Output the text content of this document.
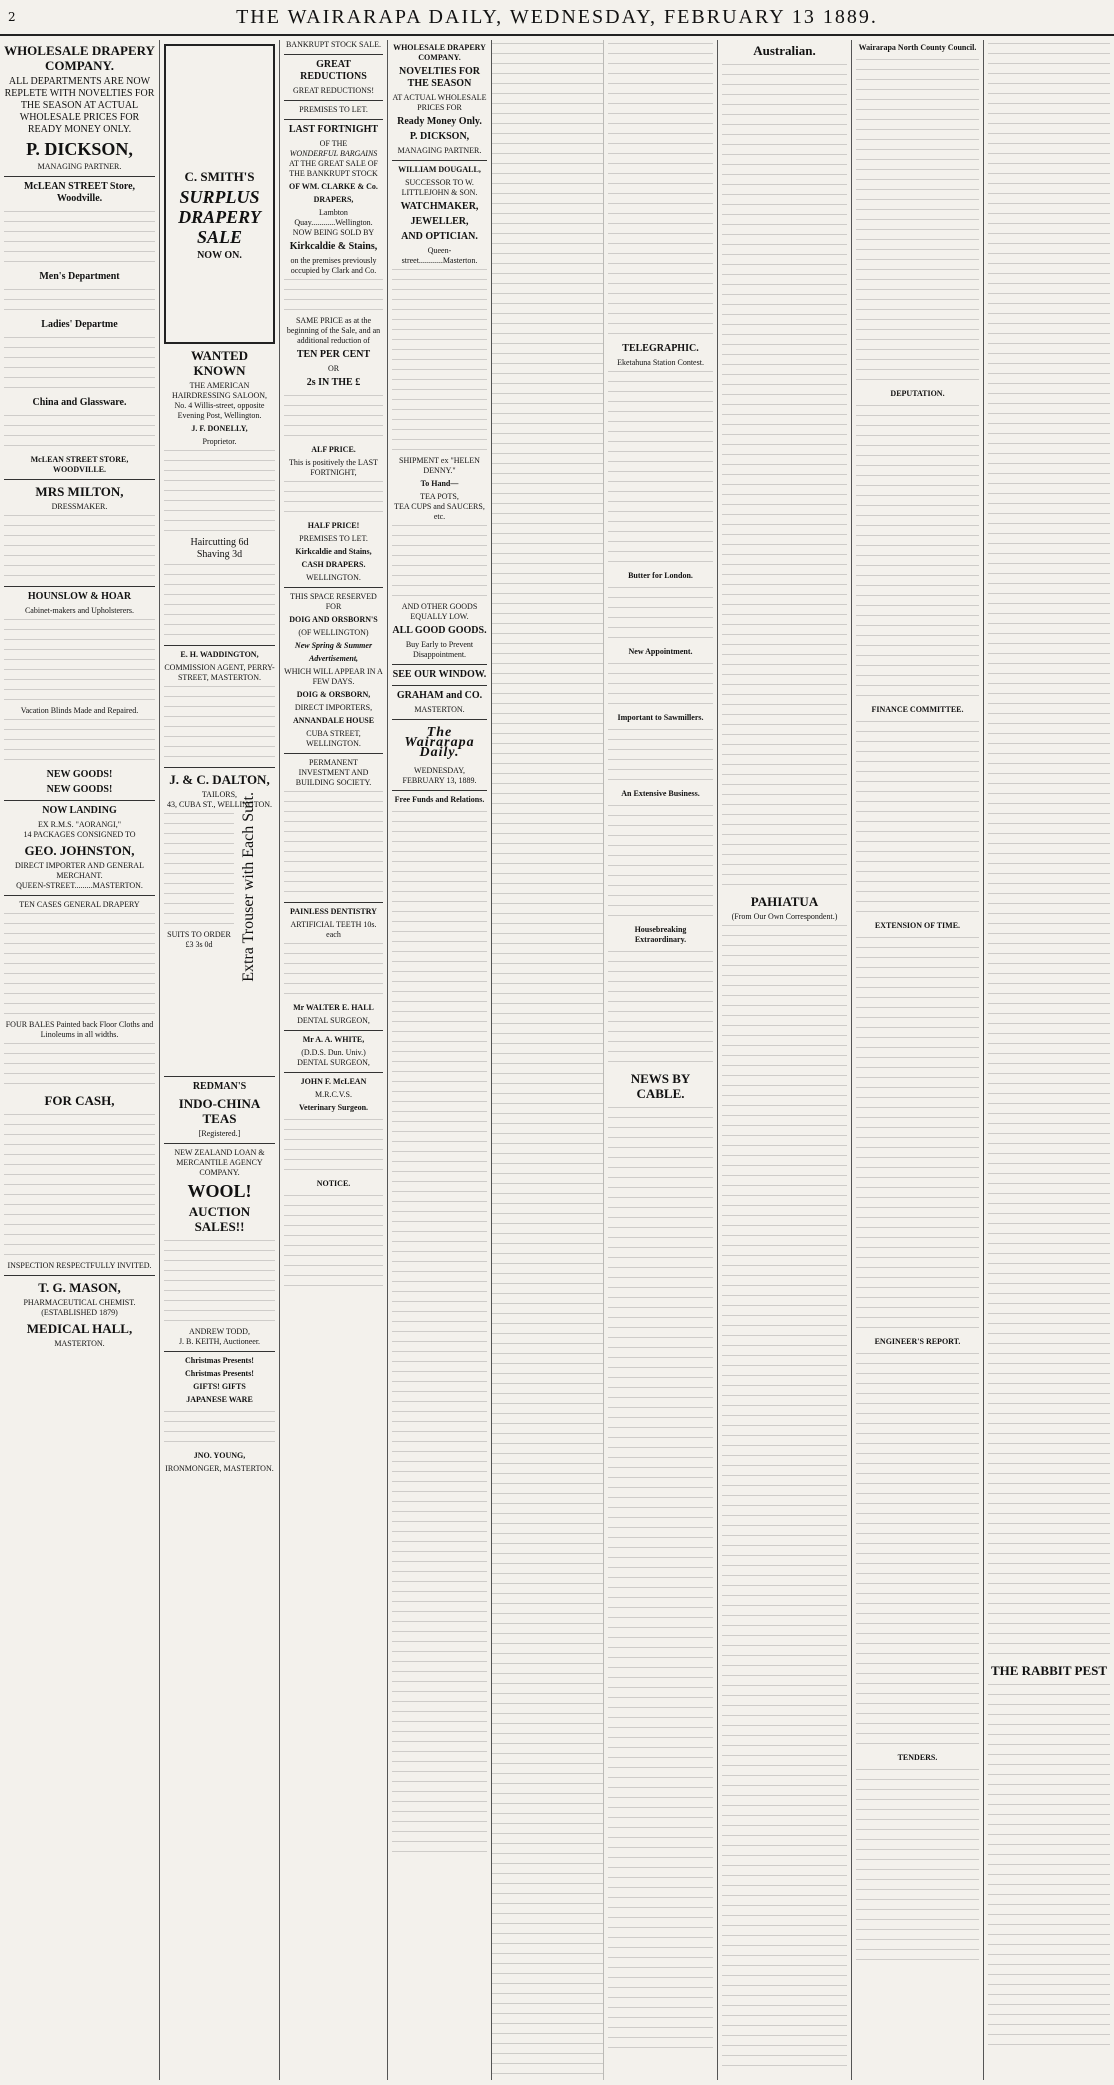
2	THE WAIRARAPA DAILY, WEDNESDAY, FEBRUARY 13 1889.
WHOLESALE DRAPERY COMPANY.
ALL DEPARTMENTS ARE NOW REPLETE WITH NOVELTIES FOR THE SEASON AT ACTUAL WHOLESALE PRICES FOR READY MONEY ONLY.
P. DICKSON,
MANAGING PARTNER.
McLEAN STREET Store, Woodville.
Men's Department
Ladies' Departme
China and Glassware.
McLEAN STREET STORE, WOODVILLE.
MRS MILTON,
DRESSMAKER.
HOUNSLOW & HOAR
Cabinet-makers and Upholsterers.
Vacation Blinds Made and Repaired.
NEW GOODS!
NEW GOODS!
NOW LANDING
EX R.M.S. "AORANGI,"
14 PACKAGES CONSIGNED TO
GEO. JOHNSTON,
DIRECT IMPORTER AND GENERAL MERCHANT.
QUEEN-STREET.........MASTERTON.
TEN CASES GENERAL DRAPERY
FOUR BALES Painted back Floor Cloths and Linoleums in all widths.
FOR CASH,
INSPECTION RESPECTFULLY INVITED.
T. G. MASON,
PHARMACEUTICAL CHEMIST.
(ESTABLISHED 1879)
MEDICAL HALL,
MASTERTON.
C. SMITH'S
SURPLUS DRAPERY SALE
NOW ON.
WANTED KNOWN
THE AMERICAN HAIRDRESSING SALOON,
No. 4 Willis-street, opposite Evening Post, Wellington.
J. F. DONELLY,
Proprietor.
Haircutting 6d
Shaving 3d
E. H. WADDINGTON,
COMMISSION AGENT, PERRY-STREET, MASTERTON.
Extra Trouser with Each Suit.
J. & C. DALTON,
TAILORS,
43, CUBA ST., WELLINGTON.
SUITS TO ORDER £3 3s 0d
REDMAN'S
INDO-CHINA TEAS
[Registered.]
NEW ZEALAND LOAN & MERCANTILE AGENCY COMPANY.
WOOL!
AUCTION SALES!!
ANDREW TODD,
J. B. KEITH, Auctioneer.
Christmas Presents!
Christmas Presents!
GIFTS! GIFTS
JAPANESE WARE
JNO. YOUNG,
IRONMONGER, MASTERTON.
BANKRUPT STOCK SALE.
GREAT REDUCTIONS
GREAT REDUCTIONS!
PREMISES TO LET.
LAST FORTNIGHT
OF THE
WONDERFUL BARGAINS
AT THE GREAT SALE OF THE BANKRUPT STOCK
OF WM. CLARKE & Co.
DRAPERS,
Lambton Quay............Wellington.
NOW BEING SOLD BY
Kirkcaldie & Stains,
on the premises previously occupied by Clark and Co.
SAME PRICE as at the beginning of the Sale, and an additional reduction of
TEN PER CENT
OR
2s IN THE £
ALF PRICE.
This is positively the LAST FORTNIGHT,
HALF PRICE!
PREMISES TO LET.
Kirkcaldie and Stains,
CASH DRAPERS.
WELLINGTON.
THIS SPACE RESERVED FOR
DOIG AND ORSBORN'S
(OF WELLINGTON)
New Spring & Summer
Advertisement,
WHICH WILL APPEAR IN A FEW DAYS.
DOIG & ORSBORN,
DIRECT IMPORTERS,
ANNANDALE HOUSE
CUBA STREET,
WELLINGTON.
PERMANENT INVESTMENT AND BUILDING SOCIETY.
PAINLESS DENTISTRY
ARTIFICIAL TEETH 10s. each
Mr WALTER E. HALL
DENTAL SURGEON,
Mr A. A. WHITE,
(D.D.S. Dun. Univ.)
DENTAL SURGEON,
JOHN F. McLEAN
M.R.C.V.S.
Veterinary Surgeon.
NOTICE.
WHOLESALE DRAPERY COMPANY.
NOVELTIES FOR THE SEASON
AT ACTUAL WHOLESALE PRICES FOR
Ready Money Only.
P. DICKSON,
MANAGING PARTNER.
WILLIAM DOUGALL,
SUCCESSOR TO W. LITTLEJOHN & SON.
WATCHMAKER,
JEWELLER,
AND OPTICIAN.
Queen-street............Masterton.
SHIPMENT ex "HELEN DENNY."
To Hand—
TEA POTS,
TEA CUPS and SAUCERS, etc.
AND OTHER GOODS EQUALLY LOW.
ALL GOOD GOODS.
Buy Early to Prevent Disappointment.
SEE OUR WINDOW.
GRAHAM and CO.
MASTERTON.
The Wairarapa Daily.
WEDNESDAY, FEBRUARY 13, 1889.
Free Funds and Relations.
TELEGRAPHIC.
Eketahuna Station Contest.
Butter for London.
New Appointment.
Important to Sawmillers.
An Extensive Business.
Housebreaking Extraordinary.
NEWS BY CABLE.
Australian.
PAHIATUA
(From Our Own Correspondent.)
Wairarapa North County Council.
DEPUTATION.
FINANCE COMMITTEE.
EXTENSION OF TIME.
ENGINEER'S REPORT.
TENDERS.
THE RABBIT PEST
